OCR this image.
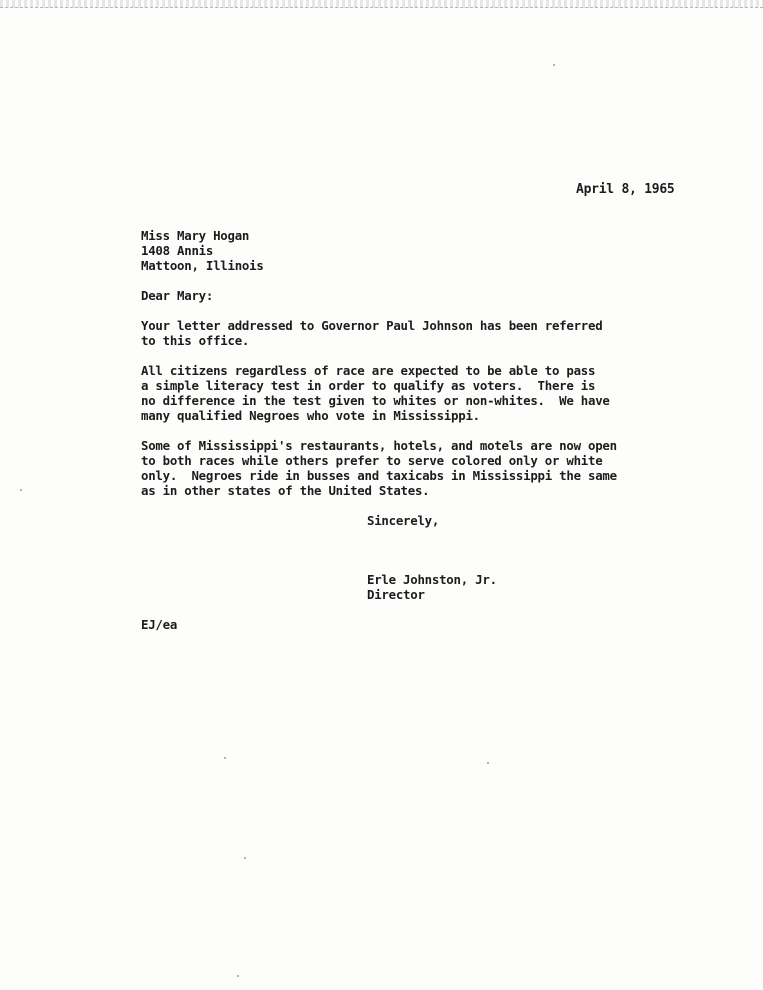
April 8, 1965
Miss Mary Hogan
1408 Annis
Mattoon, Illinois
Dear Mary:
Your letter addressed to Governor Paul Johnson has been referred
to this office.
All citizens regardless of race are expected to be able to pass
a simple literacy test in order to qualify as voters.  There is
no difference in the test given to whites or non-whites.  We have
many qualified Negroes who vote in Mississippi.
Some of Mississippi's restaurants, hotels, and motels are now open
to both races while others prefer to serve colored only or white
only.  Negroes ride in busses and taxicabs in Mississippi the same
as in other states of the United States.
Sincerely,
Erle Johnston, Jr.
Director
EJ/ea
